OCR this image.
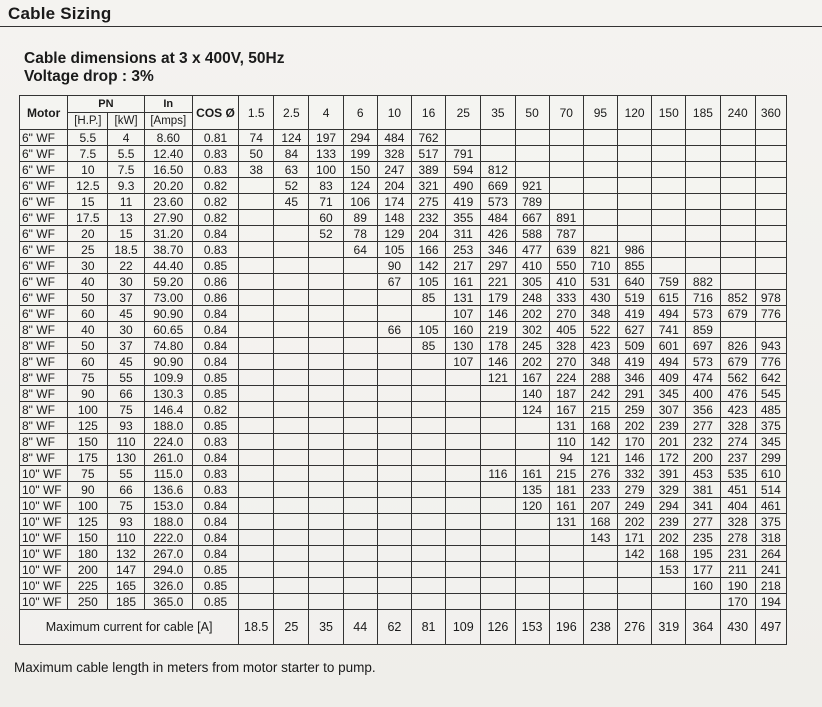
Cable Sizing
Cable dimensions at 3 x 400V, 50Hz
Voltage drop : 3%
Motor	PN		In	COS Ø	1.5	2.5	4	6	10	16	25	35	50	70	95	120	150	185	240	360

	[H.P.]	[kW]	[Amps]																	

6" WF	5.5	4	8.60	0.81	74	124	197	294	484	762										
6" WF	7.5	5.5	12.40	0.83	50	84	133	199	328	517	791									
6" WF	10	7.5	16.50	0.83	38	63	100	150	247	389	594	812								
6" WF	12.5	9.3	20.20	0.82		52	83	124	204	321	490	669	921							
6" WF	15	11	23.60	0.82		45	71	106	174	275	419	573	789							
6" WF	17.5	13	27.90	0.82			60	89	148	232	355	484	667	891						
6" WF	20	15	31.20	0.84			52	78	129	204	311	426	588	787						
6" WF	25	18.5	38.70	0.83				64	105	166	253	346	477	639	821	986				
6" WF	30	22	44.40	0.85					90	142	217	297	410	550	710	855				
6" WF	40	30	59.20	0.86					67	105	161	221	305	410	531	640	759	882		
6" WF	50	37	73.00	0.86						85	131	179	248	333	430	519	615	716	852	978
6" WF	60	45	90.90	0.84							107	146	202	270	348	419	494	573	679	776
8" WF	40	30	60.65	0.84					66	105	160	219	302	405	522	627	741	859		
8" WF	50	37	74.80	0.84						85	130	178	245	328	423	509	601	697	826	943
8" WF	60	45	90.90	0.84							107	146	202	270	348	419	494	573	679	776
8" WF	75	55	109.9	0.85								121	167	224	288	346	409	474	562	642
8" WF	90	66	130.3	0.85									140	187	242	291	345	400	476	545
8" WF	100	75	146.4	0.82									124	167	215	259	307	356	423	485
8" WF	125	93	188.0	0.85										131	168	202	239	277	328	375
8" WF	150	110	224.0	0.83										110	142	170	201	232	274	345
8" WF	175	130	261.0	0.84										94	121	146	172	200	237	299
10" WF	75	55	115.0	0.83								116	161	215	276	332	391	453	535	610
10" WF	90	66	136.6	0.83									135	181	233	279	329	381	451	514
10" WF	100	75	153.0	0.84									120	161	207	249	294	341	404	461
10" WF	125	93	188.0	0.84										131	168	202	239	277	328	375
10" WF	150	110	222.0	0.84											143	171	202	235	278	318
10" WF	180	132	267.0	0.84												142	168	195	231	264
10" WF	200	147	294.0	0.85													153	177	211	241
10" WF	225	165	326.0	0.85														160	190	218
10" WF	250	185	365.0	0.85															170	194
Maximum current for cable [A]					18.5	25	35	44	62	81	109	126	153	196	238	276	319	364	430	497
Maximum cable length in meters from motor starter to pump.
